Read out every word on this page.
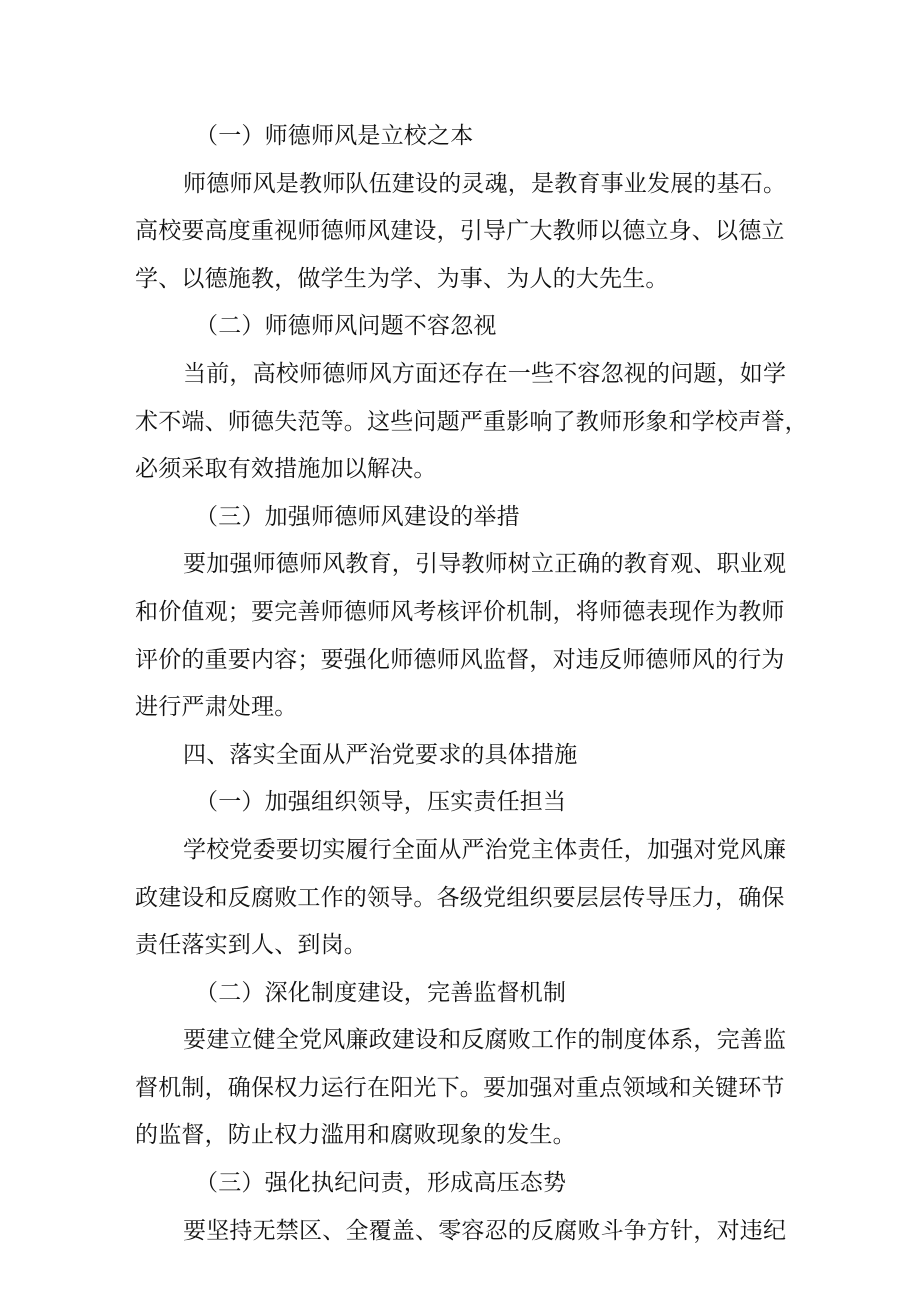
（一）师德师风是立校之本
师德师风是教师队伍建设的灵魂，是教育事业发展的基石。
高校要高度重视师德师风建设，引导广大教师以德立身、以德立
学、以德施教，做学生为学、为事、为人的大先生。
（二）师德师风问题不容忽视
当前，高校师德师风方面还存在一些不容忽视的问题，如学
术不端、师德失范等。这些问题严重影响了教师形象和学校声誉，
必须采取有效措施加以解决。
（三）加强师德师风建设的举措
要加强师德师风教育，引导教师树立正确的教育观、职业观
和价值观；要完善师德师风考核评价机制，将师德表现作为教师
评价的重要内容；要强化师德师风监督，对违反师德师风的行为
进行严肃处理。
四、落实全面从严治党要求的具体措施
（一）加强组织领导，压实责任担当
学校党委要切实履行全面从严治党主体责任，加强对党风廉
政建设和反腐败工作的领导。各级党组织要层层传导压力，确保
责任落实到人、到岗。
（二）深化制度建设，完善监督机制
要建立健全党风廉政建设和反腐败工作的制度体系，完善监
督机制，确保权力运行在阳光下。要加强对重点领域和关键环节
的监督，防止权力滥用和腐败现象的发生。
（三）强化执纪问责，形成高压态势
要坚持无禁区、全覆盖、零容忍的反腐败斗争方针，对违纪
